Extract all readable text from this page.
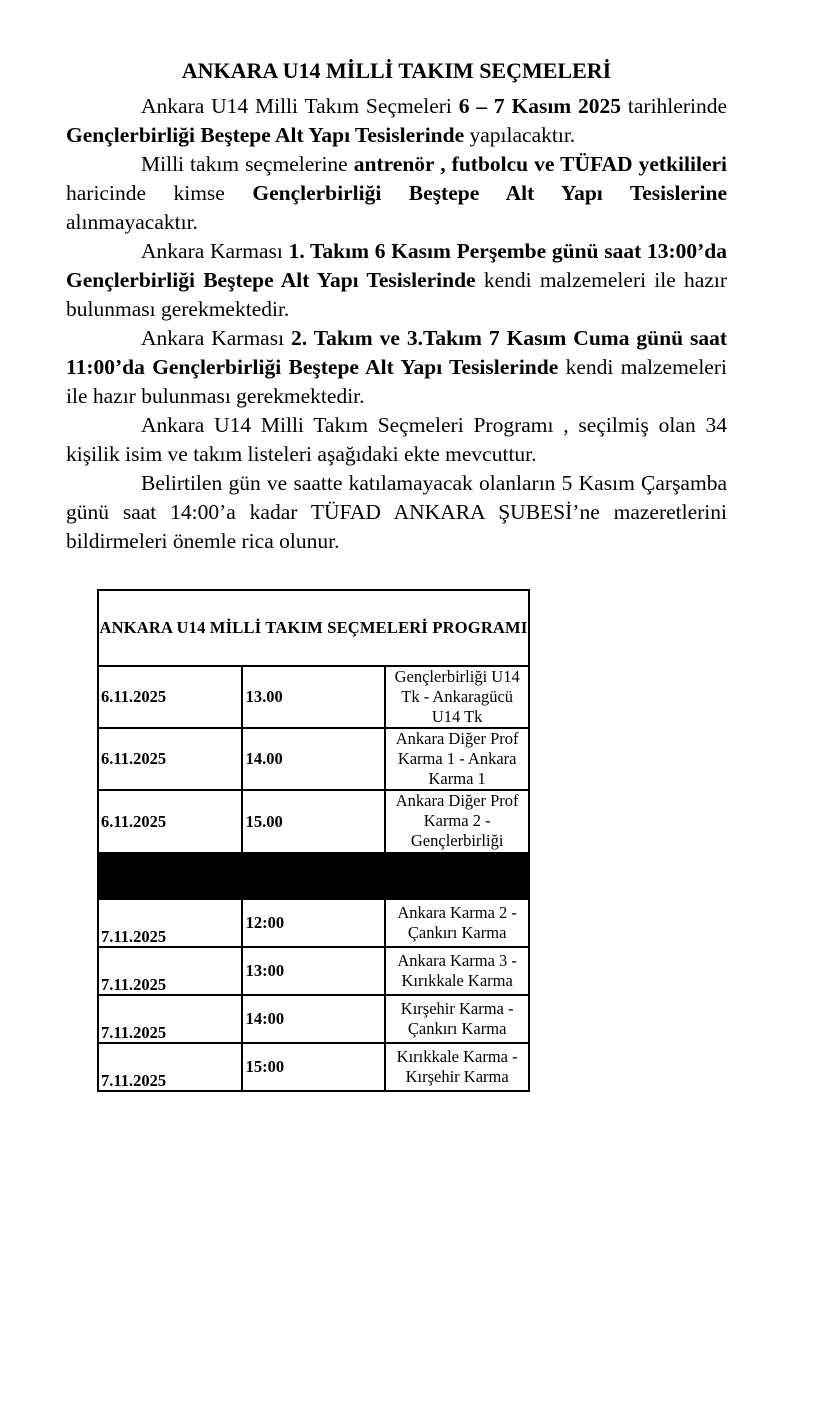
ANKARA U14 MİLLİ TAKIM SEÇMELERİ

Ankara U14 Milli Takım Seçmeleri 6 – 7 Kasım 2025 tarihlerinde Gençlerbirliği Beştepe Alt Yapı Tesislerinde yapılacaktır.

Milli takım seçmelerine antrenör , futbolcu ve TÜFAD yetkilileri haricinde kimse Gençlerbirliği Beştepe Alt Yapı Tesislerine alınmayacaktır.

Ankara Karması 1. Takım 6 Kasım Perşembe günü saat 13:00’da Gençlerbirliği Beştepe Alt Yapı Tesislerinde kendi malzemeleri ile hazır bulunması gerekmektedir.

Ankara Karması 2. Takım ve 3.Takım 7 Kasım Cuma günü saat 11:00’da Gençlerbirliği Beştepe Alt Yapı Tesislerinde kendi malzemeleri ile hazır bulunması gerekmektedir.

Ankara U14 Milli Takım Seçmeleri Programı , seçilmiş olan 34 kişilik isim ve takım listeleri aşağıdaki ekte mevcuttur.

Belirtilen gün ve saatte katılamayacak olanların 5 Kasım Çarşamba günü saat 14:00’a kadar TÜFAD ANKARA ŞUBESİ’ne mazeretlerini bildirmeleri önemle rica olunur.

ANKARA U14 MİLLİ TAKIM SEÇMELERİ PROGRAMI		
6.11.2025	13.00	Gençlerbirliği U14 Tk - Ankaragücü U14 Tk
6.11.2025	14.00	Ankara Diğer Prof Karma 1 - Ankara Karma 1
6.11.2025	15.00	Ankara Diğer Prof Karma 2 - Gençlerbirliği

7.11.2025	12:00	Ankara Karma 2 - Çankırı Karma
7.11.2025	13:00	Ankara Karma 3 - Kırıkkale Karma
7.11.2025	14:00	Kırşehir Karma - Çankırı Karma
7.11.2025	15:00	Kırıkkale Karma - Kırşehir Karma
